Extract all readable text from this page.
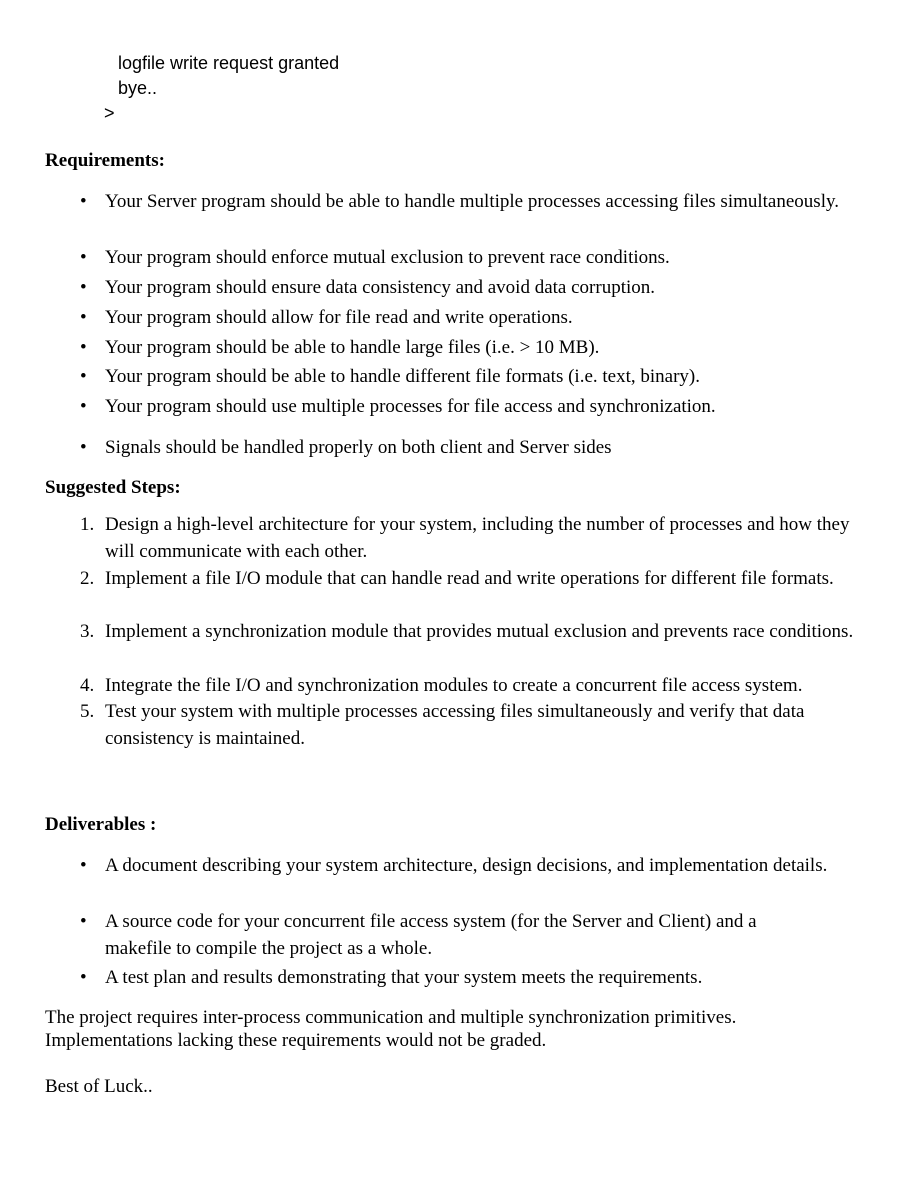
logfile write request granted
bye..
>
Requirements:
• Your Server program should be able to handle multiple processes accessing files simultaneously.
• Your program should enforce mutual exclusion to prevent race conditions.
• Your program should ensure data consistency and avoid data corruption.
• Your program should allow for file read and write operations.
• Your program should be able to handle large files (i.e. > 10 MB).
• Your program should be able to handle different file formats (i.e. text, binary).
• Your program should use multiple processes for file access and synchronization.
• Signals should be handled properly on both client and Server sides
Suggested Steps:
1. Design a high-level architecture for your system, including the number of processes and how they will communicate with each other.
2. Implement a file I/O module that can handle read and write operations for different file formats.
3. Implement a synchronization module that provides mutual exclusion and prevents race conditions.
4. Integrate the file I/O and synchronization modules to create a concurrent file access system.
5. Test your system with multiple processes accessing files simultaneously and verify that data consistency is maintained.
Deliverables :
• A document describing your system architecture, design decisions, and implementation details.
• A source code for your concurrent file access system (for the Server and Client) and a makefile to compile the project as a whole.
• A test plan and results demonstrating that your system meets the requirements.
The project requires inter-process communication and multiple synchronization primitives. Implementations lacking these requirements would not be graded.
Best of Luck..
